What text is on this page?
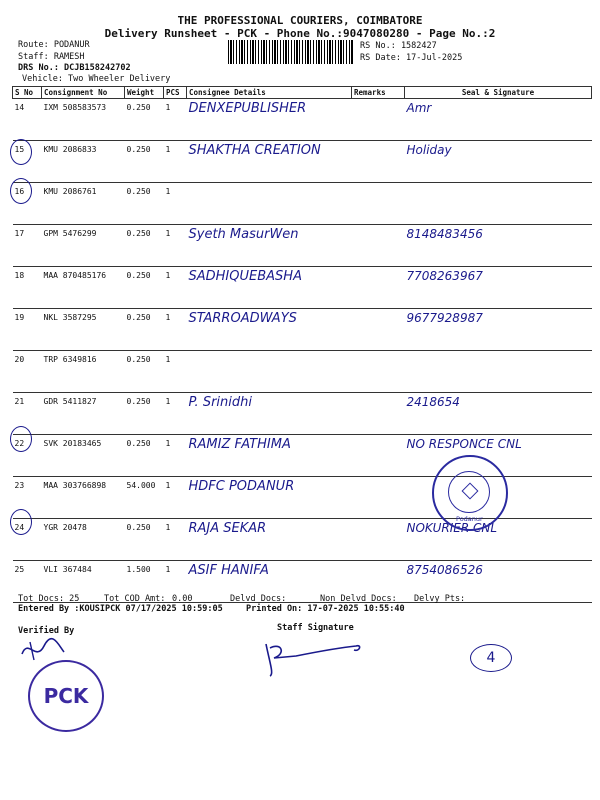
THE PROFESSIONAL COURIERS, COIMBATORE
Delivery Runsheet - PCK - Phone No.:9047080280 - Page No.:2
Route: PODANUR
Staff: RAMESH
DRS No.: DCJB158242702
Vehicle: Two Wheeler Delivery
RS No.: 1582427
RS Date: 17-Jul-2025
S No	Consignment No	Weight	PCS	Consignee Details	Remarks	Seal & Signature
14	IXM 508583573	0.250	1	DENXEPUBLISHER		Amr
15	KMU 2086833	0.250	1	SHAKTHA CREATION		Holiday
16	KMU 2086761	0.250	1			
17	GPM 5476299	0.250	1	Syeth MasurWen		8148483456
18	MAA 870485176	0.250	1	SADHIQUEBASHA		7708263967
19	NKL 3587295	0.250	1	STARROADWAYS		9677928987
20	TRP 6349816	0.250	1			
21	GDR 5411827	0.250	1	P. Srinidhi		2418654
22	SVK 20183465	0.250	1	RAMIZ FATHIMA		NO RESPONCE CNL
23	MAA 303766898	54.000	1	HDFC PODANUR		
24	YGR 20478	0.250	1	RAJA SEKAR		NOKURIER CNL
25	VLI 367484	1.500	1	ASIF HANIFA		8754086526
Podanur
Tot Docs: 25	Tot COD Amt: 0.00	Delvd Docs:	Non Delvd Docs: Delvy Pts:
Entered By :KOUSIPCK 07/17/2025 10:59:05	Printed On: 17-07-2025 10:55:40
Verified By	Staff Signature
4
PCK
